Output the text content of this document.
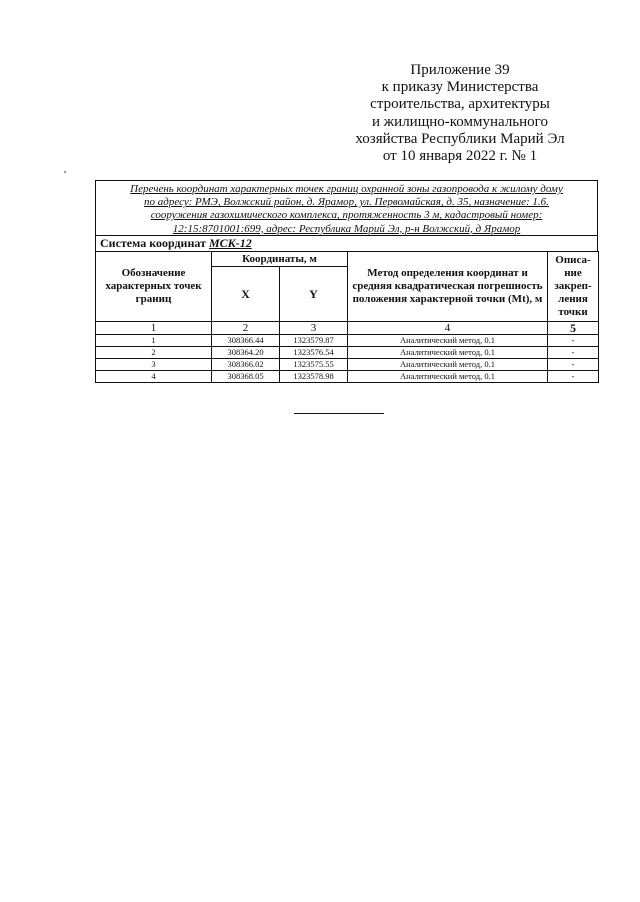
Приложение 39
к приказу Министерства
строительства, архитектуры
и жилищно-коммунального
хозяйства Республики Марий Эл
от 10 января 2022 г. № 1
Перечень координат характерных точек границ охранной зоны газопровода к жилому дому
по адресу: РМЭ, Волжский район, д. Ярамор, ул. Первомайская, д. 35, назначение: 1.6.
сооружения газохимического комплекса, протяженность 3 м, кадастровый номер:
12:15:8701001:699, адрес: Республика Марий Эл, р-н Волжский, д Ярамор
Система координат МСК-12
Обозначение характерных точек границ	Координаты, м		Метод определения координат и средняя квадратическая погрешность положения характерной точки (Mt), м	Описа-ние закреп-ления точки
	X	Y		
1	2	3	4	5
1	308366.44	1323579.87	Аналитический метод, 0.1	-
2	308364.20	1323576.54	Аналитический метод, 0.1	-
3	308366.02	1323575.55	Аналитический метод, 0.1	-
4	308368.05	1323578.98	Аналитический метод, 0.1	-
